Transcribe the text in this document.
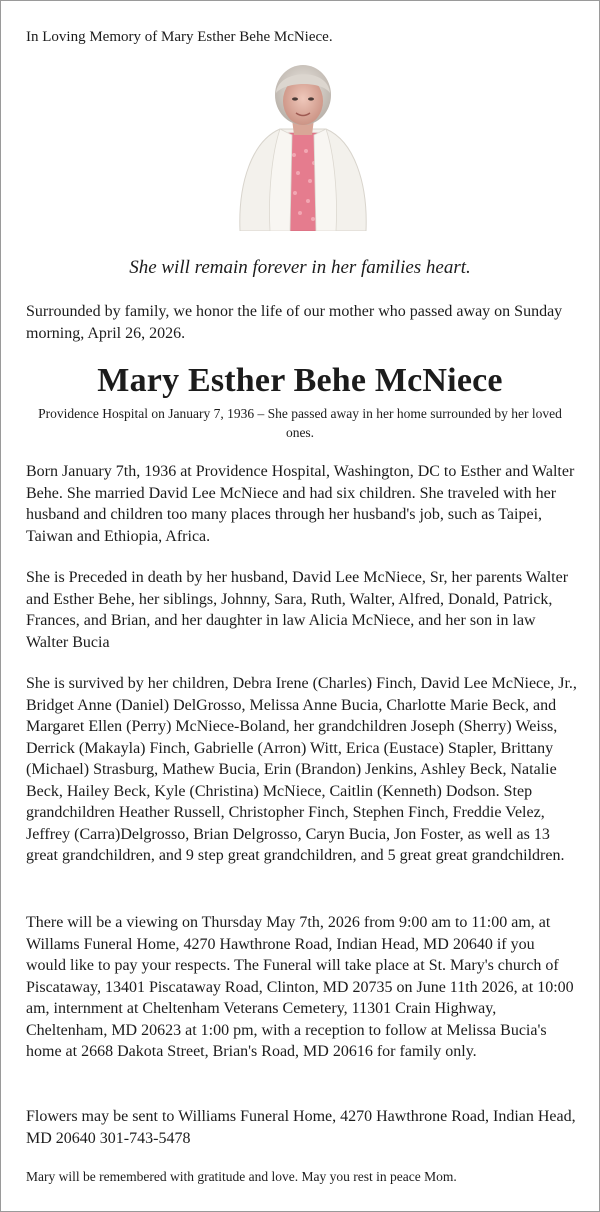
In Loving Memory of Mary Esther Behe McNiece.
She will remain forever in her families heart.
Surrounded by family, we honor the life of our mother who passed away on Sunday morning, April 26, 2026.
Mary Esther Behe McNiece
Providence Hospital on January 7, 1936 – She passed away in her home surrounded by her loved ones.
Born January 7th, 1936 at Providence Hospital, Washington, DC to Esther and Walter Behe. She married David Lee McNiece and had six children. She traveled with her husband and children too many places through her husband's job, such as Taipei, Taiwan and Ethiopia, Africa.
She is Preceded in death by her husband, David Lee McNiece, Sr, her parents Walter and Esther Behe, her siblings, Johnny, Sara, Ruth, Walter, Alfred, Donald, Patrick, Frances, and Brian, and her daughter in law Alicia McNiece, and her son in law Walter Bucia
She is survived by her children, Debra Irene (Charles) Finch, David Lee McNiece, Jr., Bridget Anne (Daniel) DelGrosso, Melissa Anne Bucia, Charlotte Marie Beck, and Margaret Ellen (Perry) McNiece-Boland, her grandchildren Joseph (Sherry) Weiss, Derrick (Makayla) Finch, Gabrielle (Arron) Witt, Erica (Eustace) Stapler, Brittany (Michael) Strasburg, Mathew Bucia, Erin (Brandon) Jenkins, Ashley Beck, Natalie Beck, Hailey Beck, Kyle (Christina) McNiece, Caitlin (Kenneth) Dodson. Step grandchildren Heather Russell, Christopher Finch, Stephen Finch, Freddie Velez, Jeffrey (Carra)Delgrosso, Brian Delgrosso, Caryn Bucia, Jon Foster, as well as 13 great grandchildren, and 9 step great grandchildren, and 5 great great grandchildren.
There will be a viewing on Thursday May 7th, 2026 from 9:00 am to 11:00 am, at Willams Funeral Home, 4270 Hawthrone Road, Indian Head, MD 20640 if you would like to pay your respects. The Funeral will take place at St. Mary's church of Piscataway, 13401 Piscataway Road, Clinton, MD 20735 on June 11th 2026, at 10:00 am, internment at Cheltenham Veterans Cemetery, 11301 Crain Highway, Cheltenham, MD 20623 at 1:00 pm, with a reception to follow at Melissa Bucia's home at 2668 Dakota Street, Brian's Road, MD 20616 for family only.
Flowers may be sent to Williams Funeral Home, 4270 Hawthrone Road, Indian Head, MD 20640 301-743-5478
Mary will be remembered with gratitude and love. May you rest in peace Mom.
